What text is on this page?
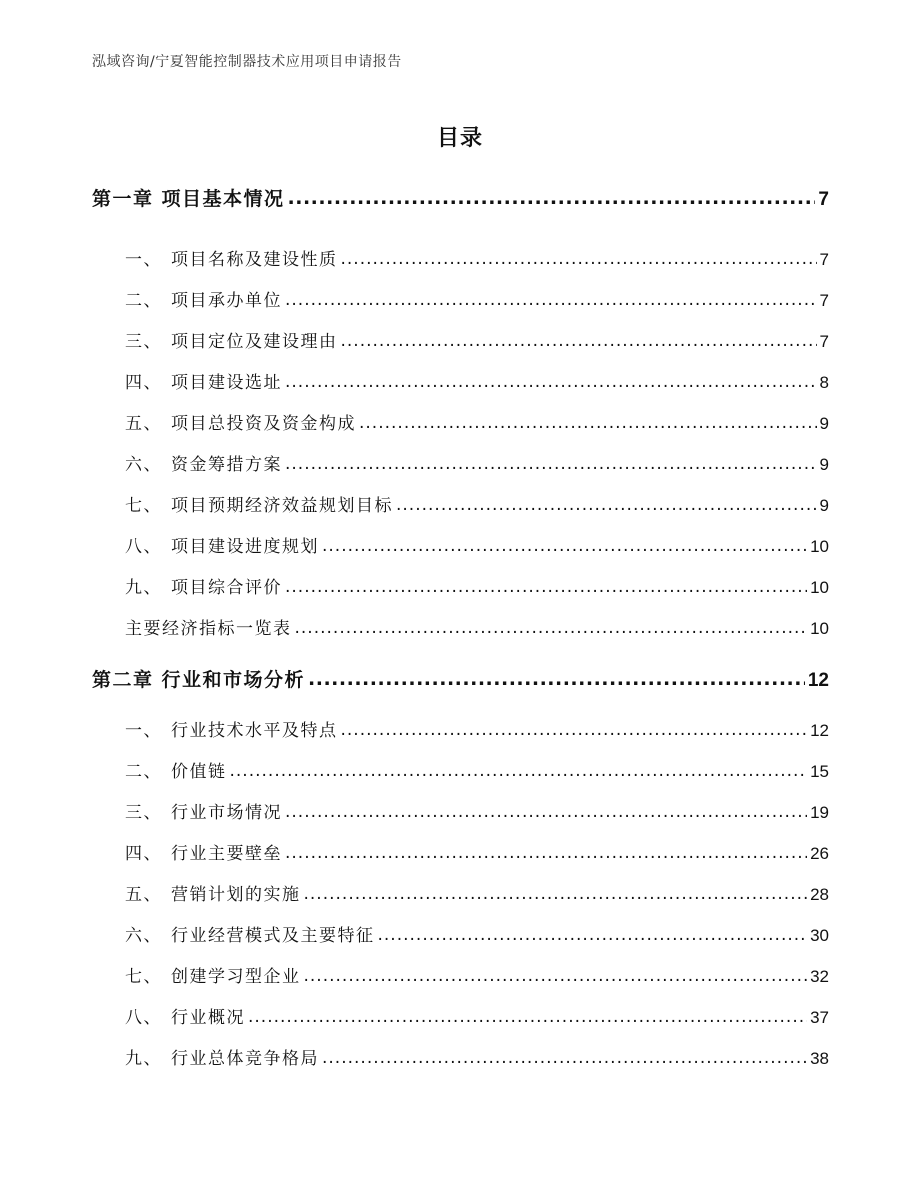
泓域咨询/宁夏智能控制器技术应用项目申请报告
目录
第一章 项目基本情况 .....	7
一、 项目名称及建设性质 .....	7
二、 项目承办单位 .....	7
三、 项目定位及建设理由 .....	7
四、 项目建设选址 .....	8
五、 项目总投资及资金构成 .....	9
六、 资金筹措方案 .....	9
七、 项目预期经济效益规划目标 .....	9
八、 项目建设进度规划 .....	10
九、 项目综合评价 .....	10
主要经济指标一览表 .....	10
第二章 行业和市场分析 .....	12
一、 行业技术水平及特点 .....	12
二、 价值链 .....	15
三、 行业市场情况 .....	19
四、 行业主要壁垒 .....	26
五、 营销计划的实施 .....	28
六、 行业经营模式及主要特征 .....	30
七、 创建学习型企业 .....	32
八、 行业概况 .....	37
九、 行业总体竞争格局 .....	38
